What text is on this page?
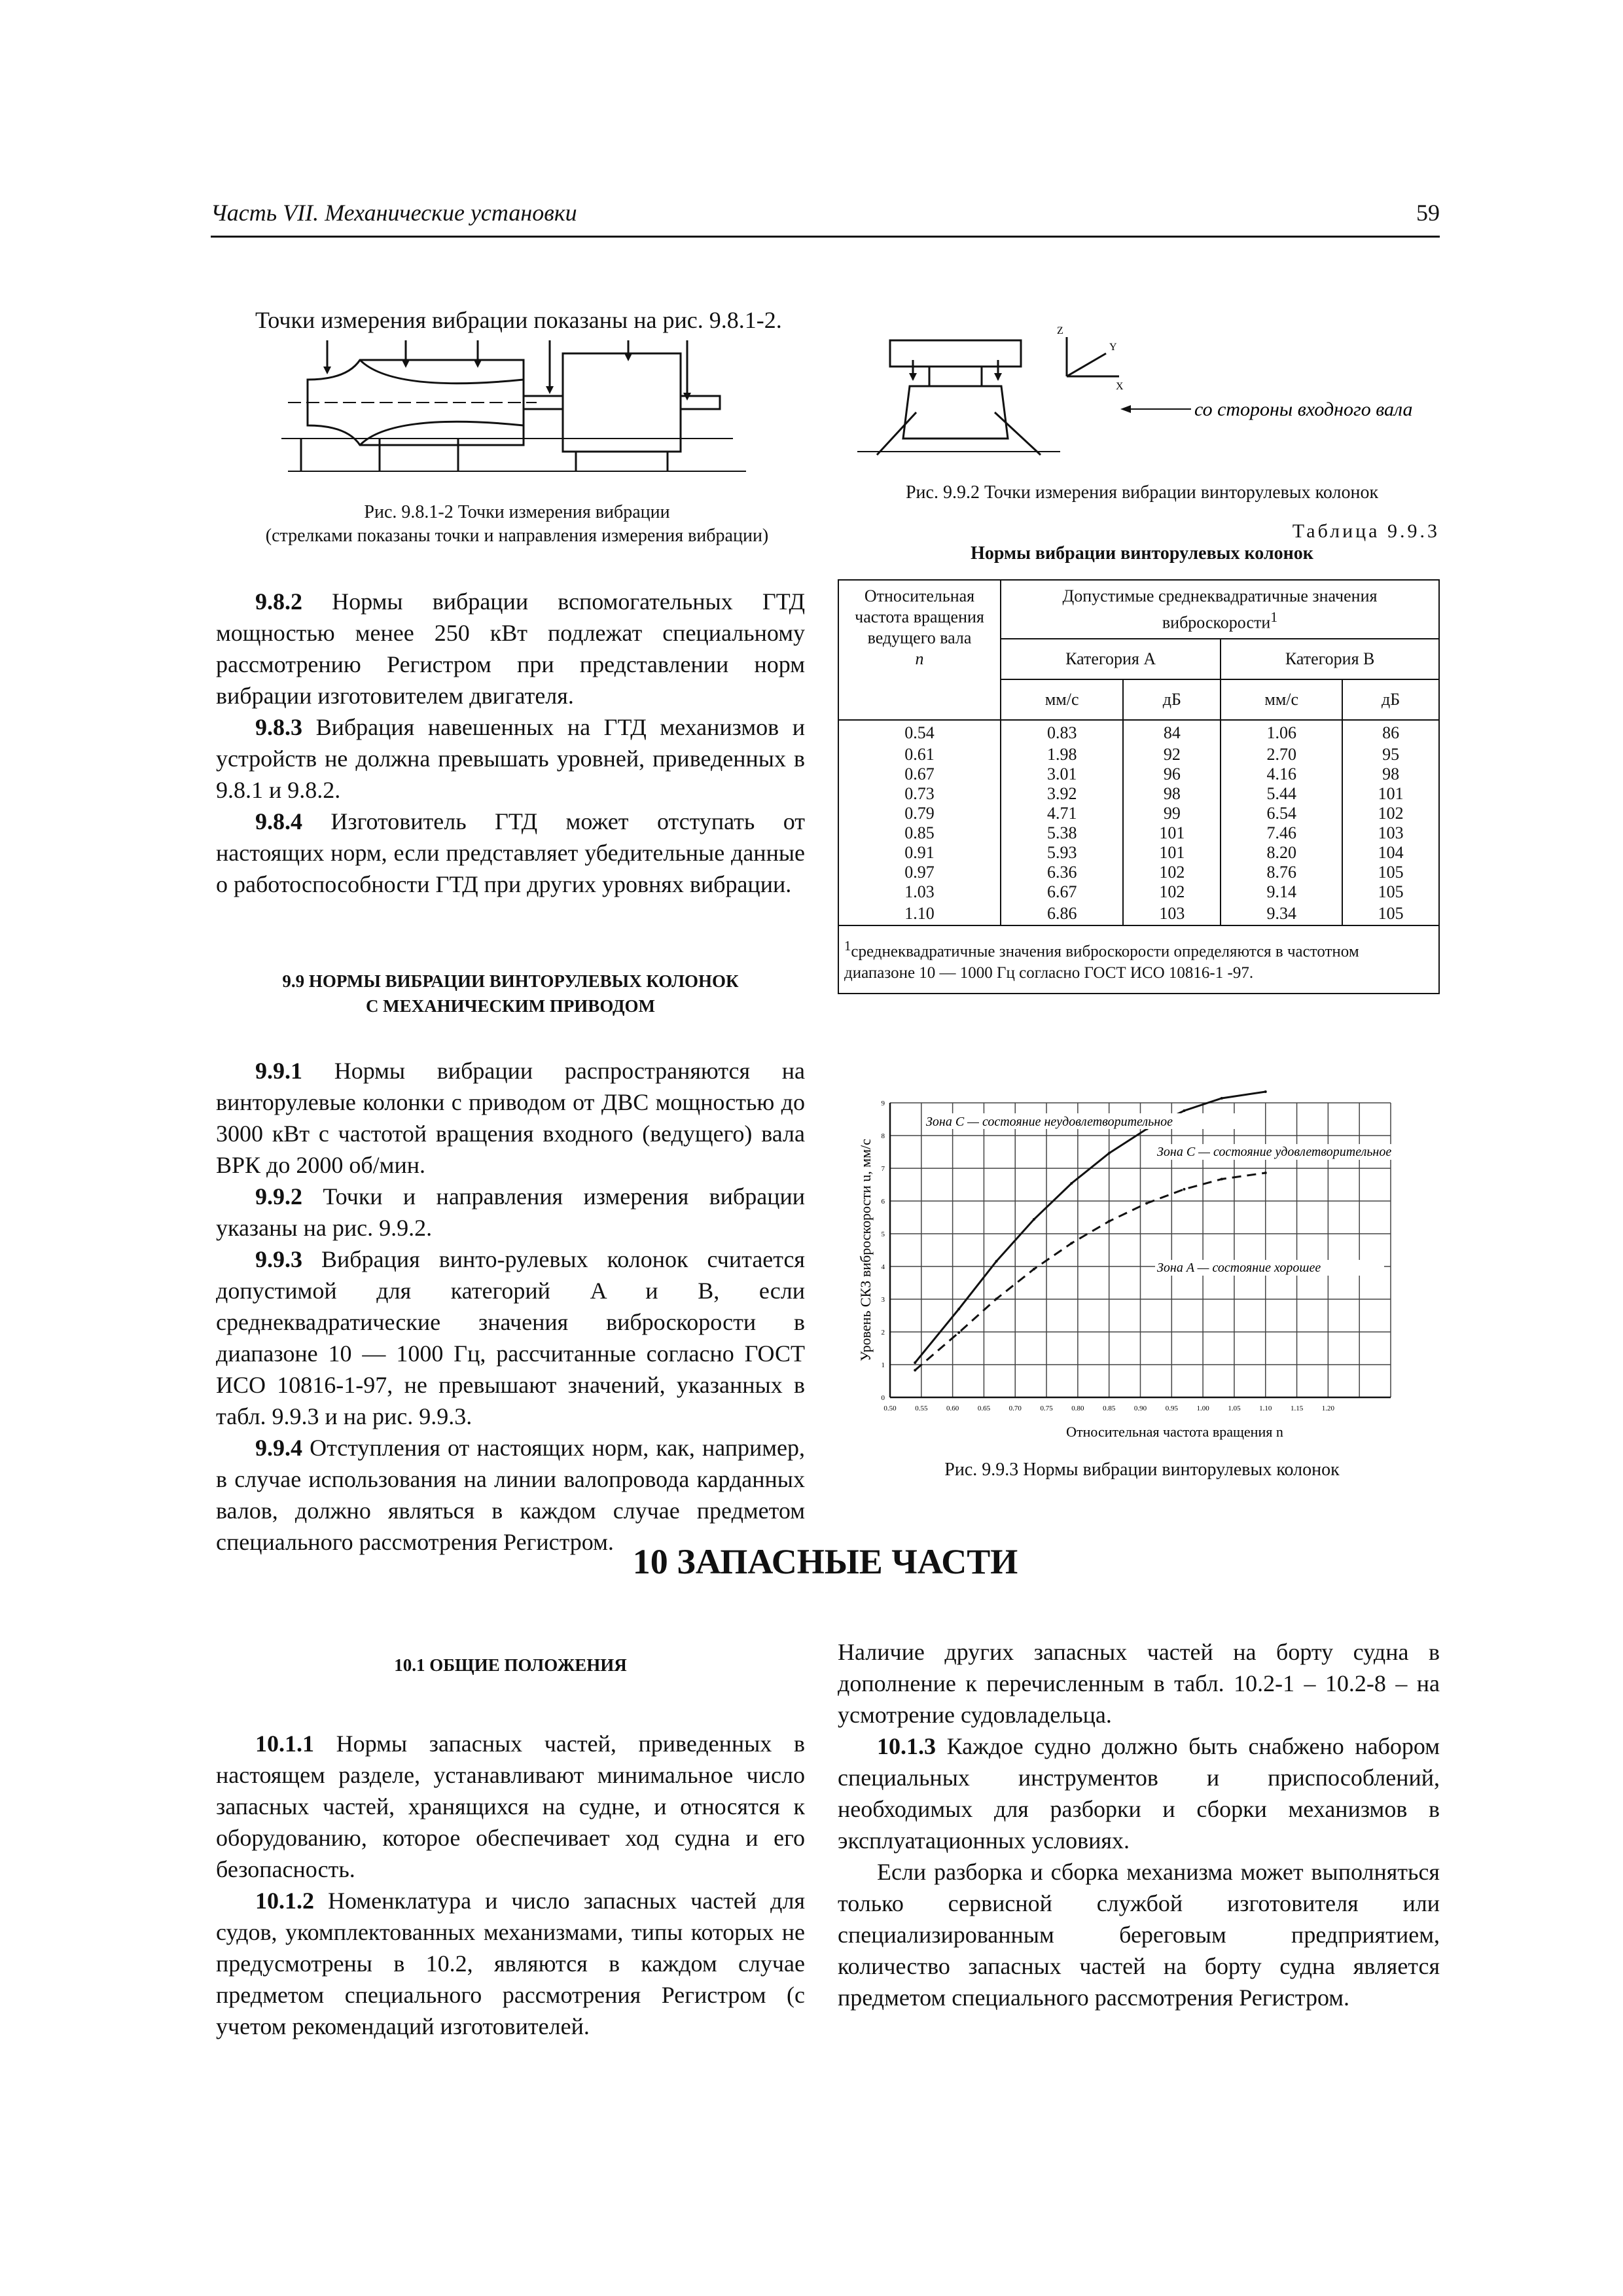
Часть VII. Механические установки	59

Точки измерения вибрации показаны на рис. 9.8.1-2.

Рис. 9.8.1-2 Точки измерения вибрации
(стрелками показаны точки и направления измерения вибрации)

9.8.2 Нормы вибрации вспомогательных ГТД мощностью менее 250 кВт подлежат специальному рассмотрению Регистром при представлении норм вибрации изготовителем двигателя.

9.8.3 Вибрация навешенных на ГТД механизмов и устройств не должна превышать уровней, приведенных в 9.8.1 и 9.8.2.

9.8.4 Изготовитель ГТД может отступать от настоящих норм, если представляет убедительные данные о работоспособности ГТД при других уровнях вибрации.

9.9 НОРМЫ ВИБРАЦИИ ВИНТОРУЛЕВЫХ КОЛОНОК

С МЕХАНИЧЕСКИМ ПРИВОДОМ

9.9.1 Нормы вибрации распространяются на винторулевые колонки с приводом от ДВС мощностью до 3000 кВт с частотой вращения входного (ведущего) вала ВРК до 2000 об/мин.

9.9.2 Точки и направления измерения вибрации указаны на рис. 9.9.2.

9.9.3 Вибрация винто-рулевых колонок считается допустимой для категорий A и B, если среднеквадратические значения виброскорости в диапазоне 10 — 1000 Гц, рассчитанные согласно ГОСТ ИСО 10816-1-97, не превышают значений, указанных в табл. 9.9.3 и на рис. 9.9.3.

9.9.4 Отступления от настоящих норм, как, например, в случае использования на линии валопровода карданных валов, должно являться в каждом случае предметом специального рассмотрения Регистром.

Z
Y
X
со стороны входного вала

Рис. 9.9.2 Точки измерения вибрации винторулевых колонок

Таблица 9.9.3
Нормы вибрации винторулевых колонок
Относительная частота вращения ведущего вала
n	Допустимые среднеквадратичные значения виброскорости$^1$
	Категория A		Категория B	
	мм/с	дБ	мм/с	дБ
0.54	0.83	84	1.06	86
0.61	1.98	92	2.70	95
0.67	3.01	96	4.16	98
0.73	3.92	98	5.44	101
0.79	4.71	99	6.54	102
0.85	5.38	101	7.46	103
0.91	5.93	101	8.20	104
0.97	6.36	102	8.76	105
1.03	6.67	102	9.14	105
1.10	6.86	103	9.34	105
$^1$среднеквадратичные значения виброскорости определяются в частотном диапазоне 10 — 1000 Гц согласно ГОСТ ИСО 10816-1 -97.				
0.50	0.55	0.60	0.65	0.70	0.75	0.80	0.85	0.90	0.95	1.00	1.05	1.10	1.15	1.20
0
1
2
3
4
5
6
7
8
9
Относительная частота вращения n
Уровень СКЗ виброскорости u, мм/с
Зона C — состояние неудовлетворительное
Зона C — состояние удовлетворительное
Зона A — состояние хорошее

Рис. 9.9.3 Нормы вибрации винторулевых колонок

10 ЗАПАСНЫЕ ЧАСТИ

10.1 ОБЩИЕ ПОЛОЖЕНИЯ

10.1.1 Нормы запасных частей, приведенных в настоящем разделе, устанавливают минимальное число запасных частей, хранящихся на судне, и относятся к оборудованию, которое обеспечивает ход судна и его безопасность.

10.1.2 Номенклатура и число запасных частей для судов, укомплектованных механизмами, типы которых не предусмотрены в 10.2, являются в каждом случае предметом специального рассмотрения Регистром (с учетом рекомендаций изготовителей.

Наличие других запасных частей на борту судна в дополнение к перечисленным в табл. 10.2-1 – 10.2-8 – на усмотрение судовладельца.

10.1.3 Каждое судно должно быть снабжено набором специальных инструментов и приспособлений, необходимых для разборки и сборки механизмов в эксплуатационных условиях.

Если разборка и сборка механизма может выполняться только сервисной службой изготовителя или специализированным береговым предприятием, количество запасных частей на борту судна является предметом специального рассмотрения Регистром.
